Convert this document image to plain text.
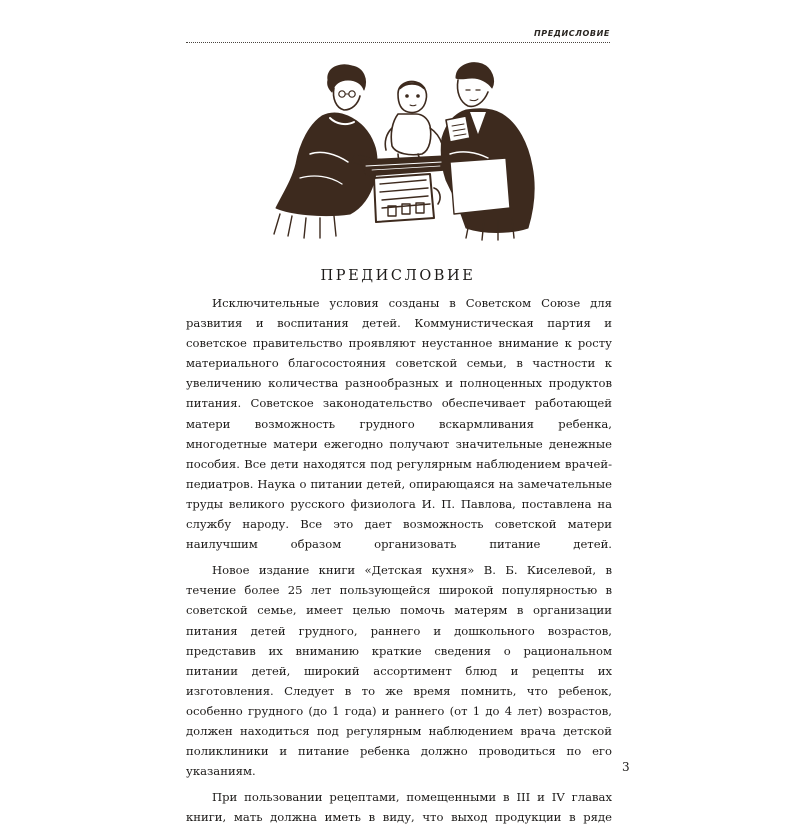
ПРЕДИСЛОВИЕ
ПРЕДИСЛОВИЕ

Исключительные условия созданы в Советском Союзе для развития и воспитания детей. Коммунистическая партия и советское правительство проявляют неустанное внимание к росту материального благосостояния советской семьи, в частности к увеличению количества разнообразных и полноценных продуктов питания. Советское законодательство обеспечивает работающей матери возможность грудного вскармливания ребенка, многодетные матери ежегодно получают значительные денежные пособия. Все дети находятся под регулярным наблюдением врачей-педиатров. Наука о питании детей, опирающаяся на замечательные труды великого русского физиолога И. П. Павлова, поставлена на службу народу. Все это дает возможность советской матери наилучшим образом организовать питание детей.

Новое издание книги «Детская кухня» В. Б. Киселевой, в течение более 25 лет пользующейся широкой популярностью в советской семье, имеет целью помочь матерям в организации питания детей грудного, раннего и дошкольного возрастов, представив их вниманию краткие сведения о рациональном питании детей, широкий ассортимент блюд и рецепты их изготовления. Следует в то же время помнить, что ребенок, особенно грудного (до 1 года) и раннего (от 1 до 4 лет) возрастов, должен находиться под регулярным наблюдением врача детской поликлиники и питание ребенка должно проводиться по его указаниям.

При пользовании рецептами, помещенными в III и IV главах книги, мать должна иметь в виду, что выход продукции в ряде

3
